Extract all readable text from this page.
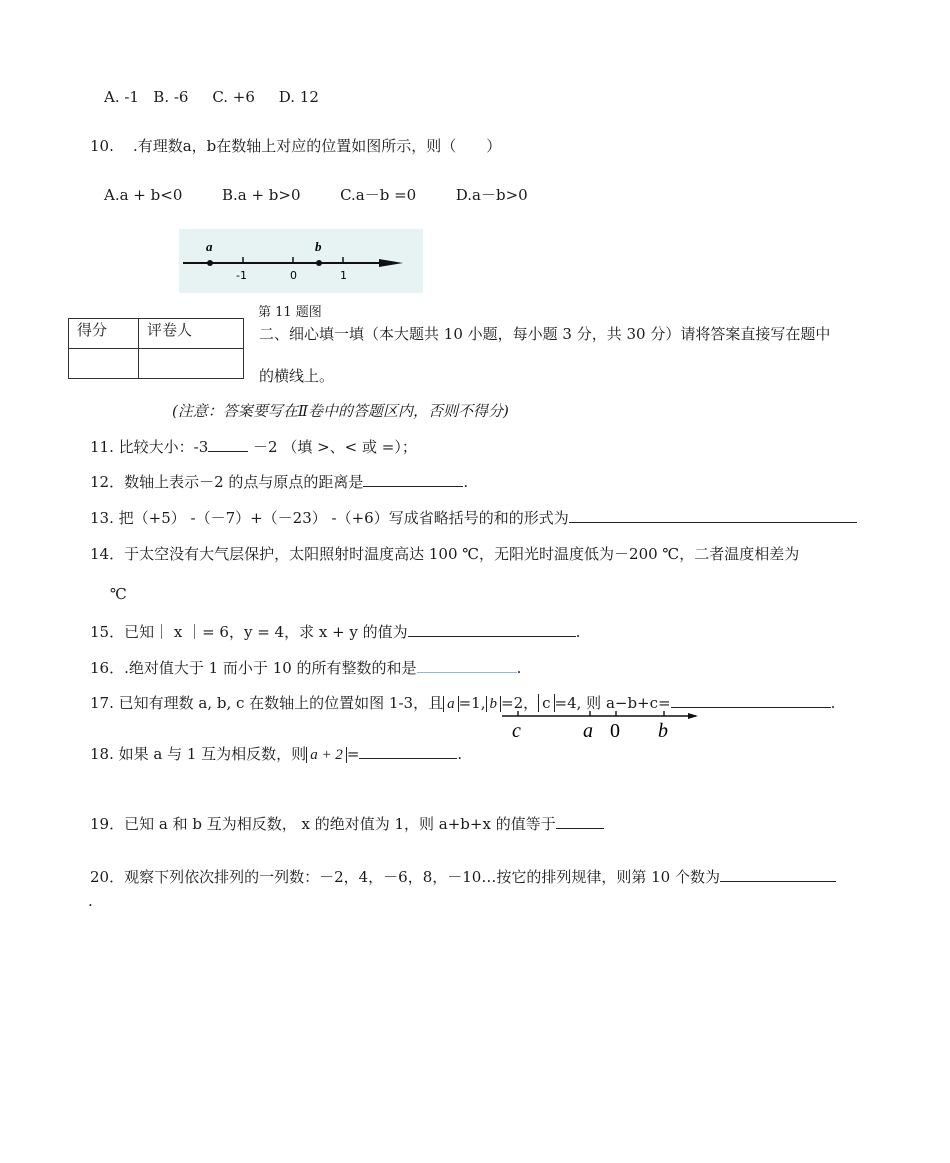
A. -1 B. -6 C. +6 D. 12
10. .有理数a，b在数轴上对应的位置如图所示，则（　　）
A.a + b<0	B.a + b>0	C.a－b =0	D.a－b>0
a	b
-1	0	1
第 11 题图
得分	评卷人
		二、细心填一填（本大题共 10 小题，每小题 3 分，共 30 分）请将答案直接写在题中
的横线上。
(注意：答案要写在Ⅱ卷中的答题区内，否则不得分)
11. 比较大小：-3	－2 （填 >、< 或 =）；
12．数轴上表示－2 的点与原点的距离是	.
13. 把（+5） -（－7）+（－23） -（+6）写成省略括号的和的形式为
14．于太空没有大气层保护，太阳照射时温度高达 100 ℃，无阳光时温度低为－200 ℃，二者温度相差为
℃
15．已知｜ x ｜= 6，y = 4，求 x + y 的值为	.
16．.绝对值大于 1 而小于 10 的所有整数的和是	.
17. 已知有理数 a, b, c 在数轴上的位置如图 1-3，且 a =1, b =2， c =4, 则 a−b+c=	.
c	a 0 b
18. 如果 a 与 1 互为相反数，则 a + 2 =	.
19．已知 a 和 b 互为相反数， x 的绝对值为 1，则 a+b+x 的值等于
20．观察下列依次排列的一列数：－2，4，－6，8，－10…按它的排列规律，则第 10 个数为
.
